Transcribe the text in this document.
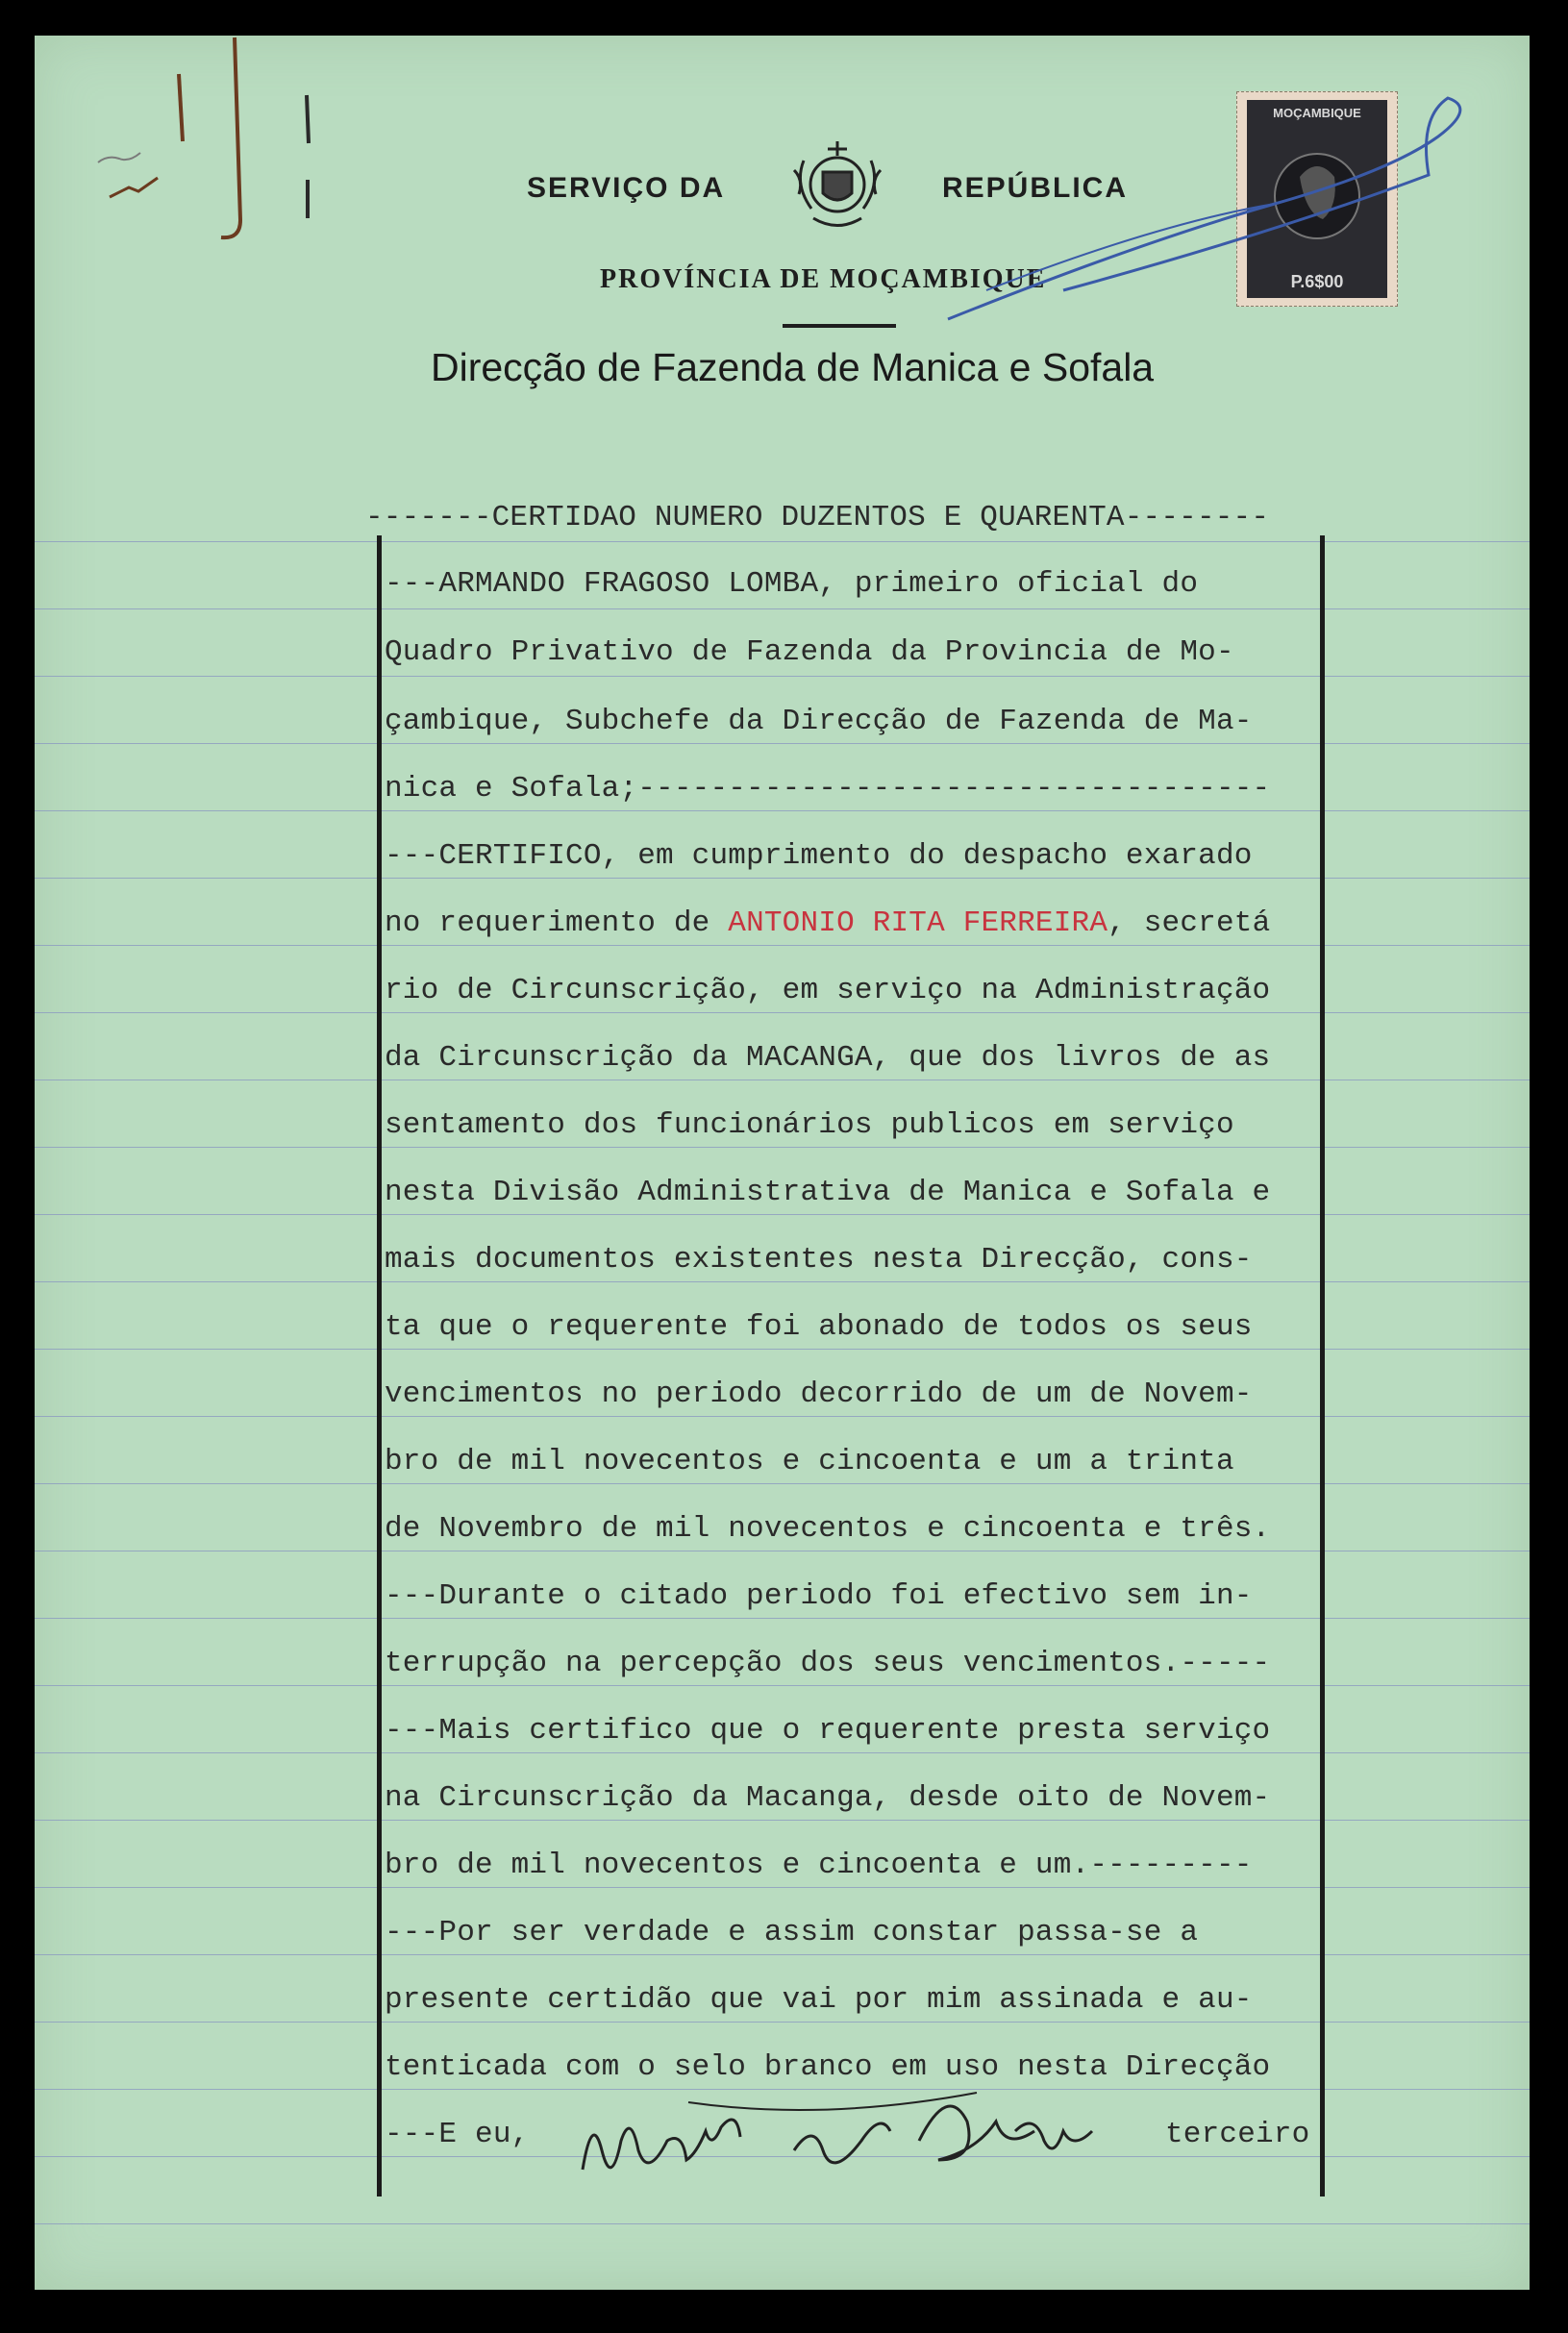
SERVIÇO DA	REPÚBLICA
PROVÍNCIA DE MOÇAMBIQUE
Direcção de Fazenda de Manica e Sofala
MOÇAMBIQUE
P.6$00
-------CERTIDAO NUMERO DUZENTOS E QUARENTA--------
---ARMANDO FRAGOSO LOMBA, primeiro oficial do
Quadro Privativo de Fazenda da Provincia de Mo-
çambique, Subchefe da Direcção de Fazenda de Ma-
nica e Sofala;-----------------------------------
---CERTIFICO, em cumprimento do despacho exarado
no requerimento de ANTONIO RITA FERREIRA, secretá
rio de Circunscrição, em serviço na Administração
da Circunscrição da MACANGA, que dos livros de as
sentamento dos funcionários publicos em serviço
nesta Divisão Administrativa de Manica e Sofala e
mais documentos existentes nesta Direcção, cons-
ta que o requerente foi abonado de todos os seus
vencimentos no periodo decorrido de um de Novem-
bro de mil novecentos e cincoenta e um a trinta
de Novembro de mil novecentos e cincoenta e três.
---Durante o citado periodo foi efectivo sem in-
terrupção na percepção dos seus vencimentos.-----
---Mais certifico que o requerente presta serviço
na Circunscrição da Macanga, desde oito de Novem-
bro de mil novecentos e cincoenta e um.---------
---Por ser verdade e assim constar passa-se a
presente certidão que vai por mim assinada e au-
tenticada com o selo branco em uso nesta Direcção
---E eu,	terceiro
